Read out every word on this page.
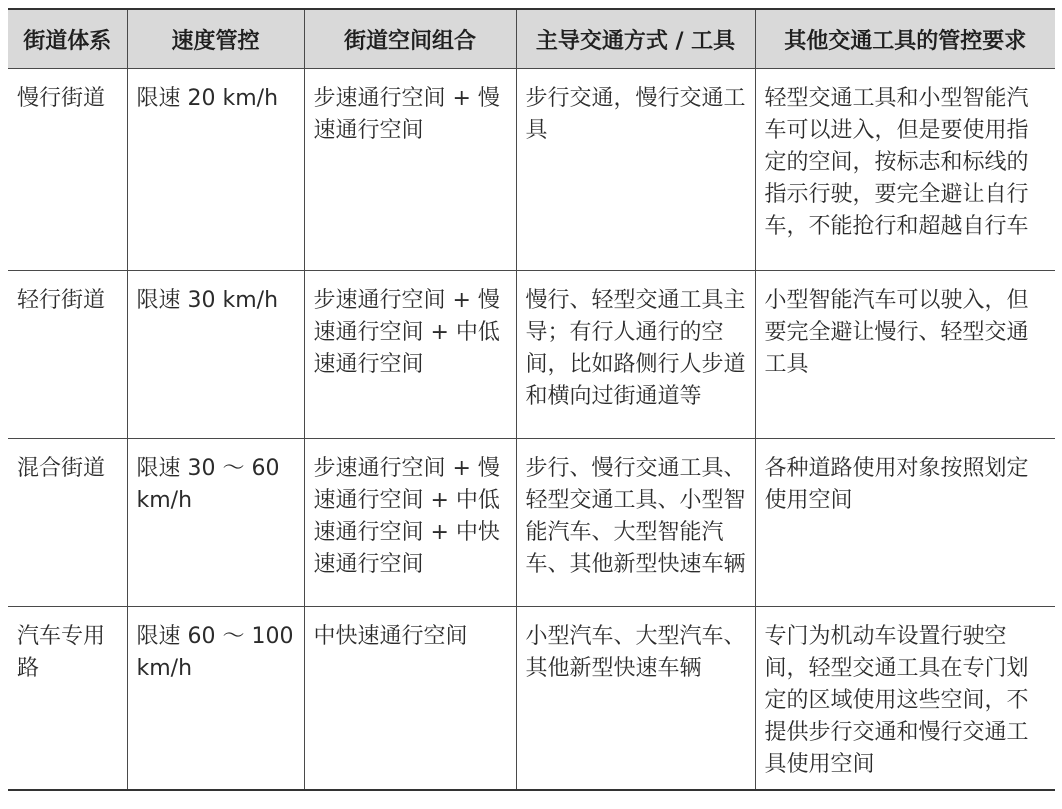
街道体系	速度管控	街道空间组合	主导交通方式 / 工具	其他交通工具的管控要求
慢行街道	限速 20 km/h	步速通行空间 + 慢速通行空间	步行交通，慢行交通工具	轻型交通工具和小型智能汽车可以进入，但是要使用指定的空间，按标志和标线的指示行驶，要完全避让自行车，不能抢行和超越自行车
轻行街道	限速 30 km/h	步速通行空间 + 慢速通行空间 + 中低速通行空间	慢行、轻型交通工具主导；有行人通行的空间，比如路侧行人步道和横向过街通道等	小型智能汽车可以驶入，但要完全避让慢行、轻型交通工具
混合街道	限速 30 ～ 60 km/h	步速通行空间 + 慢速通行空间 + 中低速通行空间 + 中快速通行空间	步行、慢行交通工具、轻型交通工具、小型智能汽车、大型智能汽车、其他新型快速车辆	各种道路使用对象按照划定使用空间
汽车专用路	限速 60 ～ 100 km/h	中快速通行空间	小型汽车、大型汽车、其他新型快速车辆	专门为机动车设置行驶空间，轻型交通工具在专门划定的区域使用这些空间，不提供步行交通和慢行交通工具使用空间
